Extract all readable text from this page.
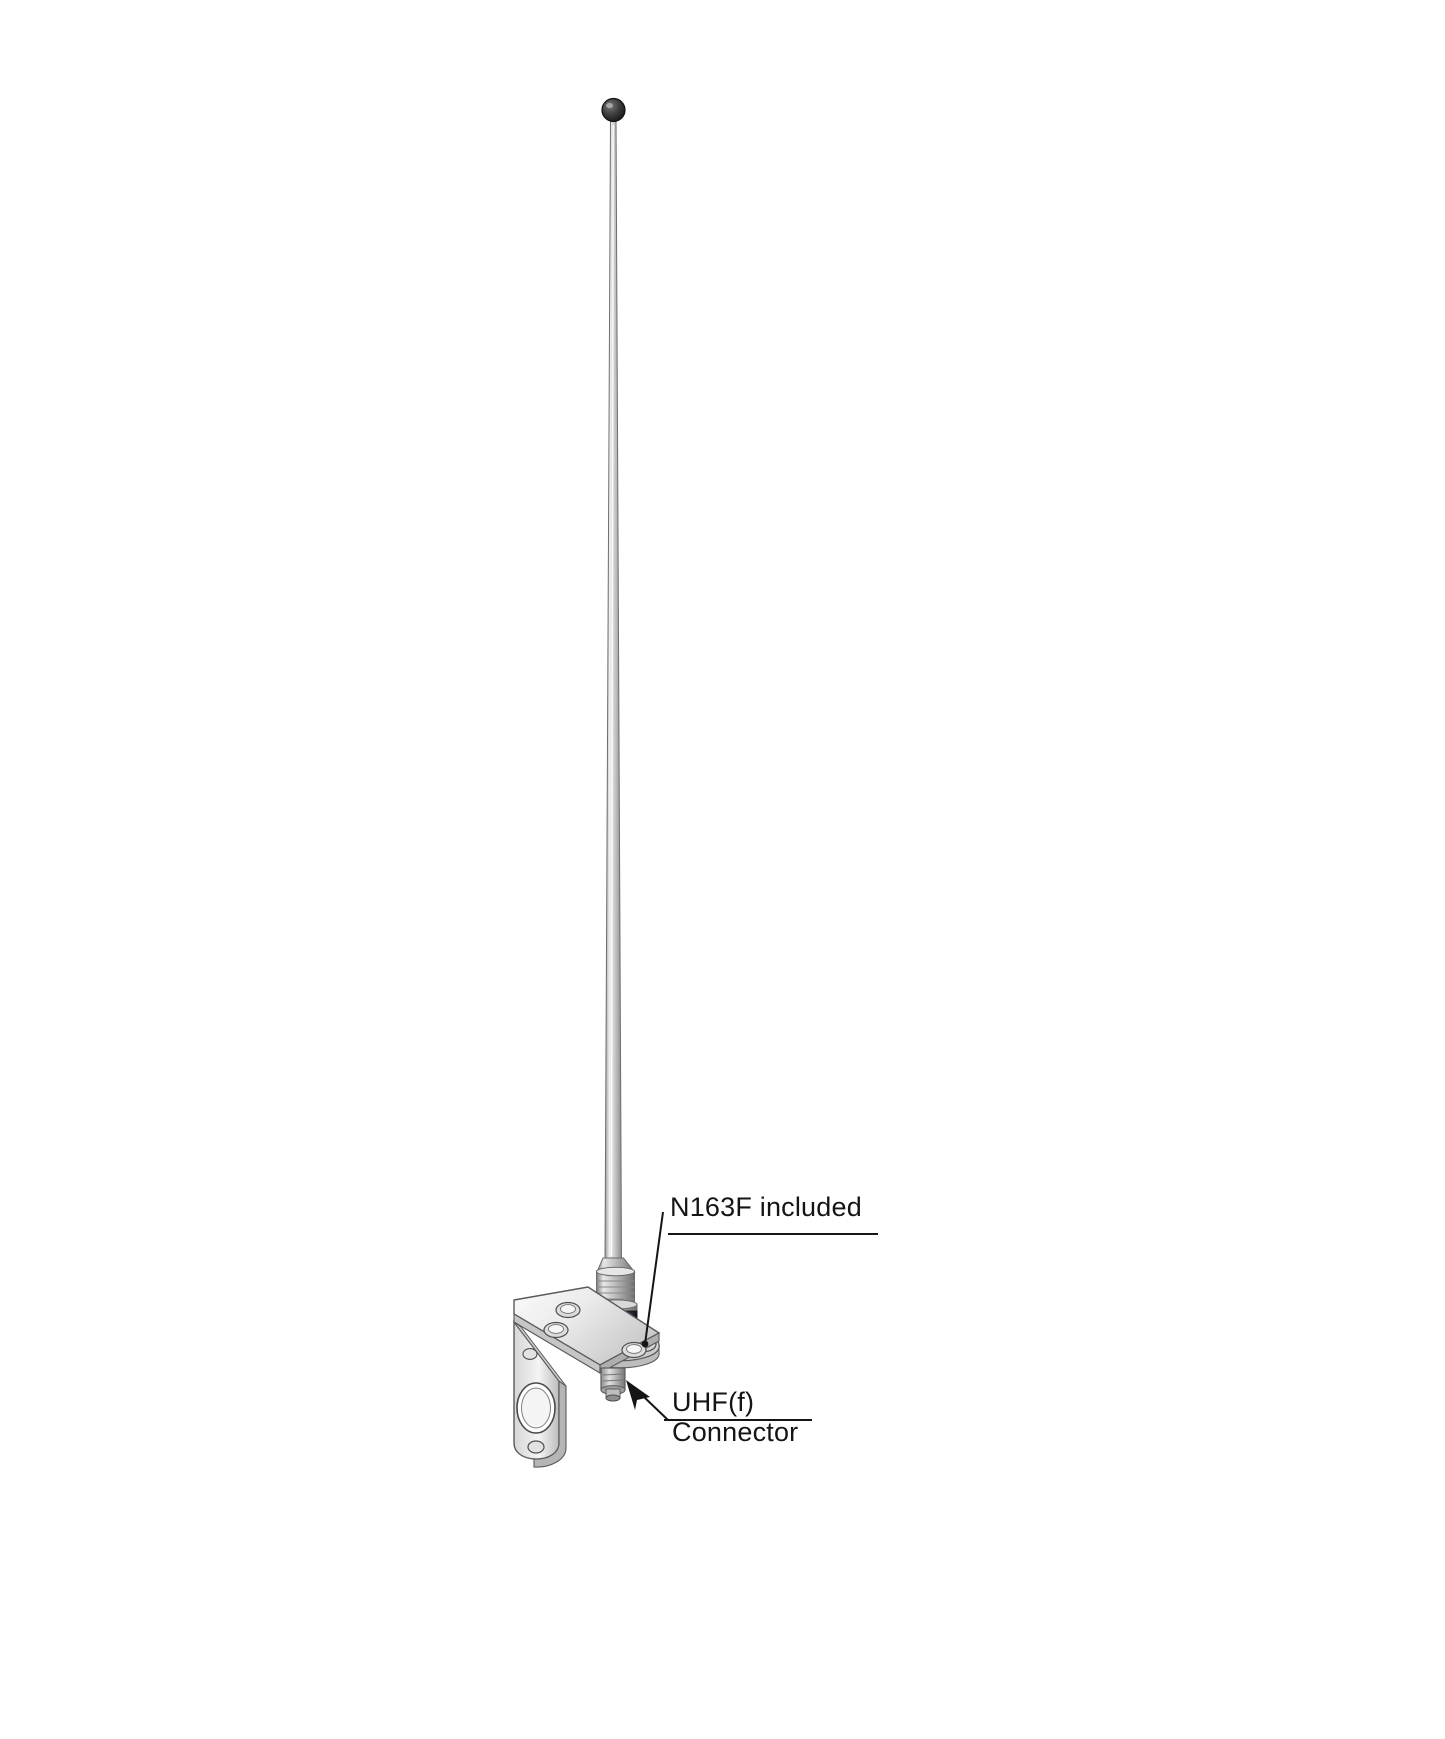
N163F included
UHF(f)
Connector
